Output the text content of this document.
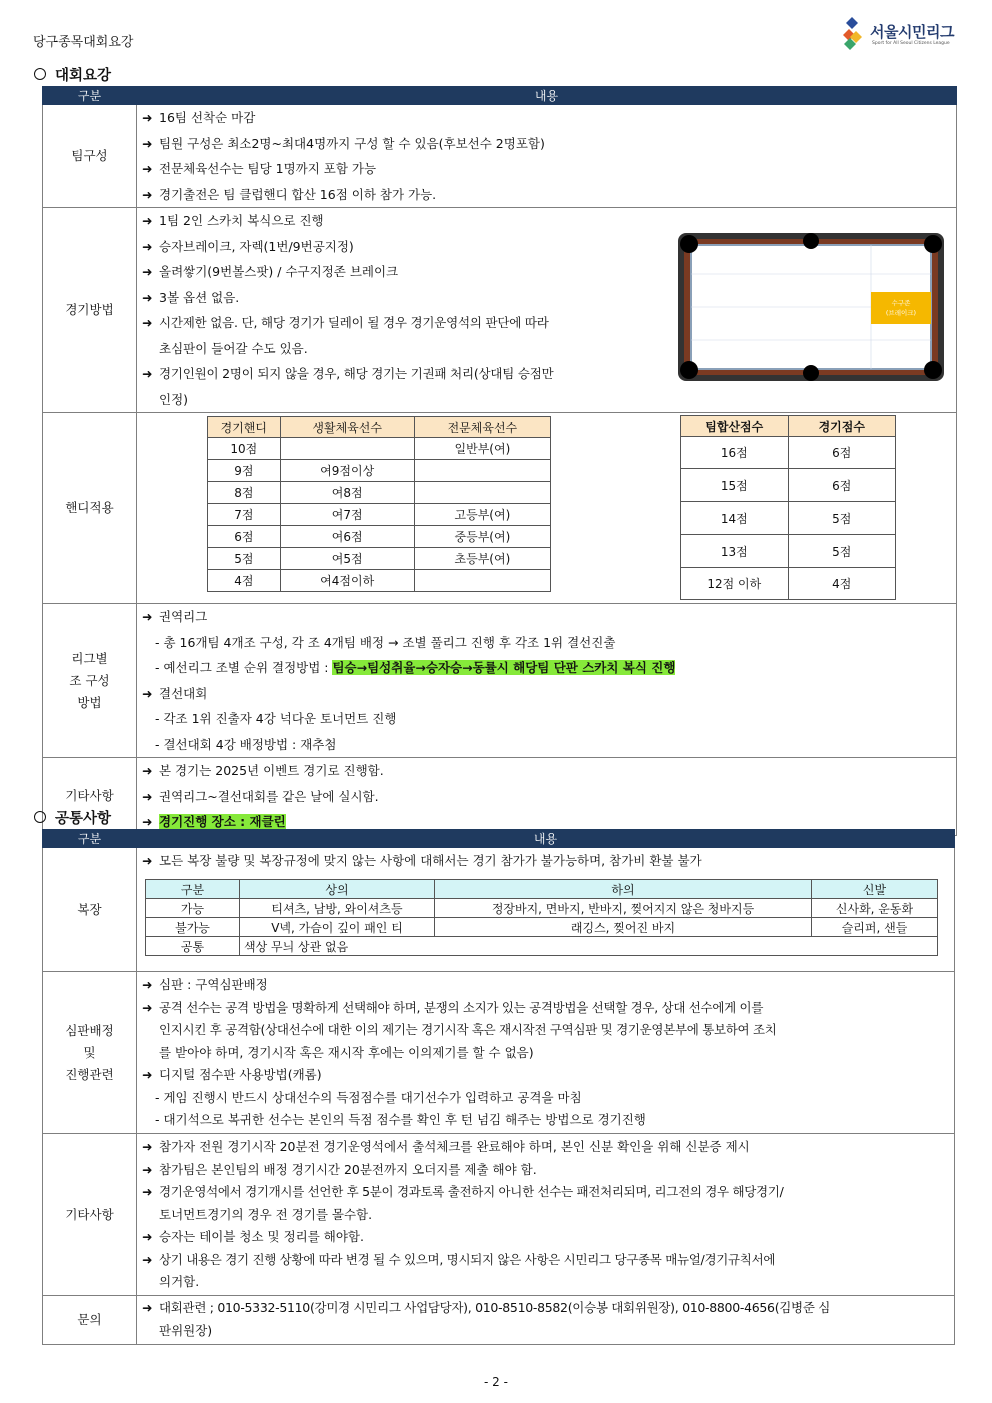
당구종목대회요강
서울시민리그
Sport for All Seoul Citizens League
대회요강
구분	내용
팀구성	
➜ 16팀 선착순 마감
➜ 팀원 구성은 최소2명~최대4명까지 구성 할 수 있음(후보선수 2명포함)
➜ 전문체육선수는 팀당 1명까지 포함 가능
➜ 경기출전은 팀 클럽핸디 합산 16점 이하 참가 가능.

경기방법	
➜ 1팀 2인 스카치 복식으로 진행
➜ 승자브레이크, 자렉(1번/9번공지정)
➜ 올려쌓기(9번볼스팟) / 수구지정존 브레이크
➜ 3볼 옵션 없음.
➜ 시간제한 없음. 단, 해당 경기가 딜레이 될 경우 경기운영석의 판단에 따라
초심판이 들어갈 수도 있음.
➜ 경기인원이 2명이 되지 않을 경우, 해당 경기는 기권패 처리(상대팀 승점만
인정)
수구존
(브레이크)

핸디적용	
경기핸디	생활체육선수	전문체육선수
10점		일반부(여)
9점	여9점이상	
8점	여8점	
7점	여7점	고등부(여)
6점	여6점	중등부(여)
5점	여5점	초등부(여)
4점	여4점이하	
팀합산점수	경기점수
16점	6점
15점	6점
14점	5점
13점	5점
12점 이하	4점

리그별
조 구성
방법

➜ 권역리그
- 총 16개팀 4개조 구성, 각 조 4개팀 배정 → 조별 풀리그 진행 후 각조 1위 결선진출
- 예선리그 조별 순위 결정방법 : 팀승→팀성취율→승자승→동률시 해당팀 단판 스카치 복식 진행
➜ 결선대회
- 각조 1위 진출자 4강 넉다운 토너먼트 진행
- 결선대회 4강 배정방법 : 재추첨

기타사항	
➜ 본 경기는 2025년 이벤트 경기로 진행함.
➜ 권역리그~결선대회를 같은 날에 실시함.
➜ 경기진행 장소 : 재클린
공통사항
구분	내용
복장	
➜ 모든 복장 불량 및 복장규정에 맞지 않는 사항에 대해서는 경기 참가가 불가능하며, 참가비 환불 불가
구분	상의	하의	신발
가능	티셔츠, 남방, 와이셔츠등	정장바지, 면바지, 반바지, 찢어지지 않은 청바지등	신사화, 운동화
불가능	V넥, 가슴이 깊이 패인 티	래깅스, 찢어진 바지	슬리퍼, 샌들
공통	색상 무늬 상관 없음

심판배정
및
진행관련

➜ 심판 : 구역심판배정
➜ 공격 선수는 공격 방법을 명확하게 선택해야 하며, 분쟁의 소지가 있는 공격방법을 선택할 경우, 상대 선수에게 이를
인지시킨 후 공격함(상대선수에 대한 이의 제기는 경기시작 혹은 재시작전 구역심판 및 경기운영본부에 통보하여 조치
를 받아야 하며, 경기시작 혹은 재시작 후에는 이의제기를 할 수 없음)
➜ 디지털 점수판 사용방법(캐롬)
- 게임 진행시 반드시 상대선수의 득점점수를 대기선수가 입력하고 공격을 마침
- 대기석으로 복귀한 선수는 본인의 득점 점수를 확인 후 턴 넘김 해주는 방법으로 경기진행

기타사항	
➜ 참가자 전원 경기시작 20분전 경기운영석에서 출석체크를 완료해야 하며, 본인 신분 확인을 위해 신분증 제시
➜ 참가팀은 본인팀의 배정 경기시간 20분전까지 오더지를 제출 해야 함.
➜ 경기운영석에서 경기개시를 선언한 후 5분이 경과토록 출전하지 아니한 선수는 패전처리되며, 리그전의 경우 해당경기/
토너먼트경기의 경우 전 경기를 몰수함.
➜ 승자는 테이블 청소 및 정리를 해야함.
➜ 상기 내용은 경기 진행 상황에 따라 변경 될 수 있으며, 명시되지 않은 사항은 시민리그 당구종목 매뉴얼/경기규칙서에
의거함.

문의	
➜ 대회관련 ; 010-5332-5110(강미경 시민리그 사업담당자), 010-8510-8582(이승봉 대회위원장), 010-8800-4656(김병준 심
판위원장)
- 2 -
